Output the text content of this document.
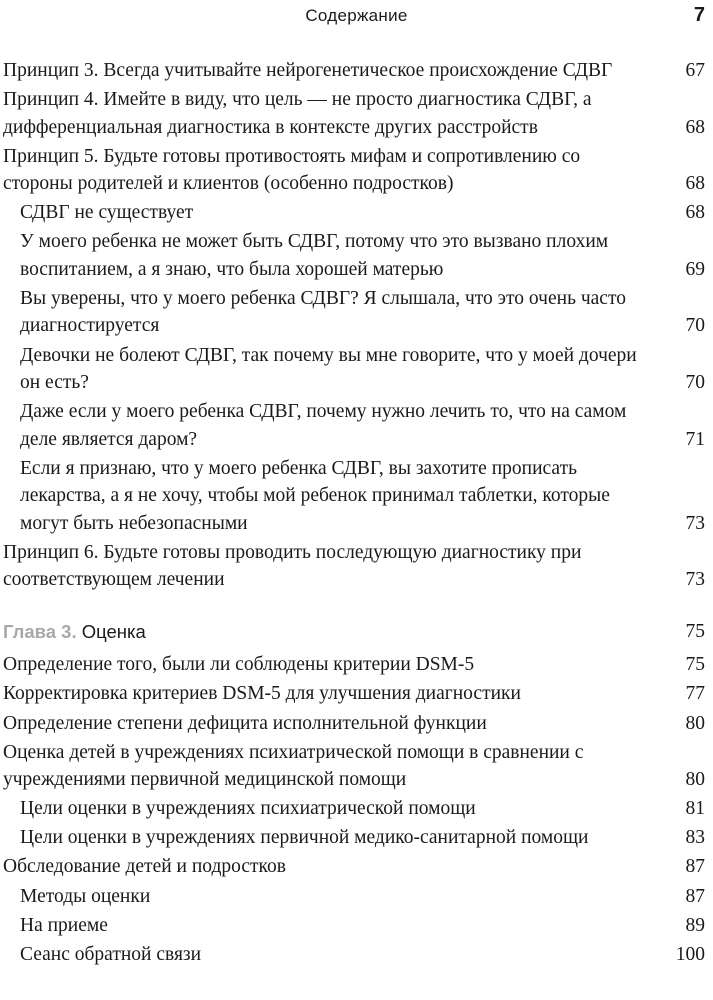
Содержание	7
Принцип 3. Всегда учитывайте нейрогенетическое происхождение СДВГ	67
Принцип 4. Имейте в виду, что цель — не просто диагностика СДВГ, а дифференциальная диагностика в контексте других расстройств	68
Принцип 5. Будьте готовы противостоять мифам и сопротивлению со стороны родителей и клиентов (особенно подростков)	68
СДВГ не существует	68
У моего ребенка не может быть СДВГ, потому что это вызвано плохим воспитанием, а я знаю, что была хорошей матерью	69
Вы уверены, что у моего ребенка СДВГ? Я слышала, что это очень часто диагностируется	70
Девочки не болеют СДВГ, так почему вы мне говорите, что у моей дочери он есть?	70
Даже если у моего ребенка СДВГ, почему нужно лечить то, что на самом деле является даром?	71
Если я признаю, что у моего ребенка СДВГ, вы захотите прописать лекарства, а я не хочу, чтобы мой ребенок принимал таблетки, которые могут быть небезопасными	73
Принцип 6. Будьте готовы проводить последующую диагностику при соответствующем лечении	73
Глава 3. Оценка	75
Определение того, были ли соблюдены критерии DSM-5	75
Корректировка критериев DSM-5 для улучшения диагностики	77
Определение степени дефицита исполнительной функции	80
Оценка детей в учреждениях психиатрической помощи в сравнении с учреждениями первичной медицинской помощи	80
Цели оценки в учреждениях психиатрической помощи	81
Цели оценки в учреждениях первичной медико-санитарной помощи	83
Обследование детей и подростков	87
Методы оценки	87
На приеме	89
Сеанс обратной связи	100
